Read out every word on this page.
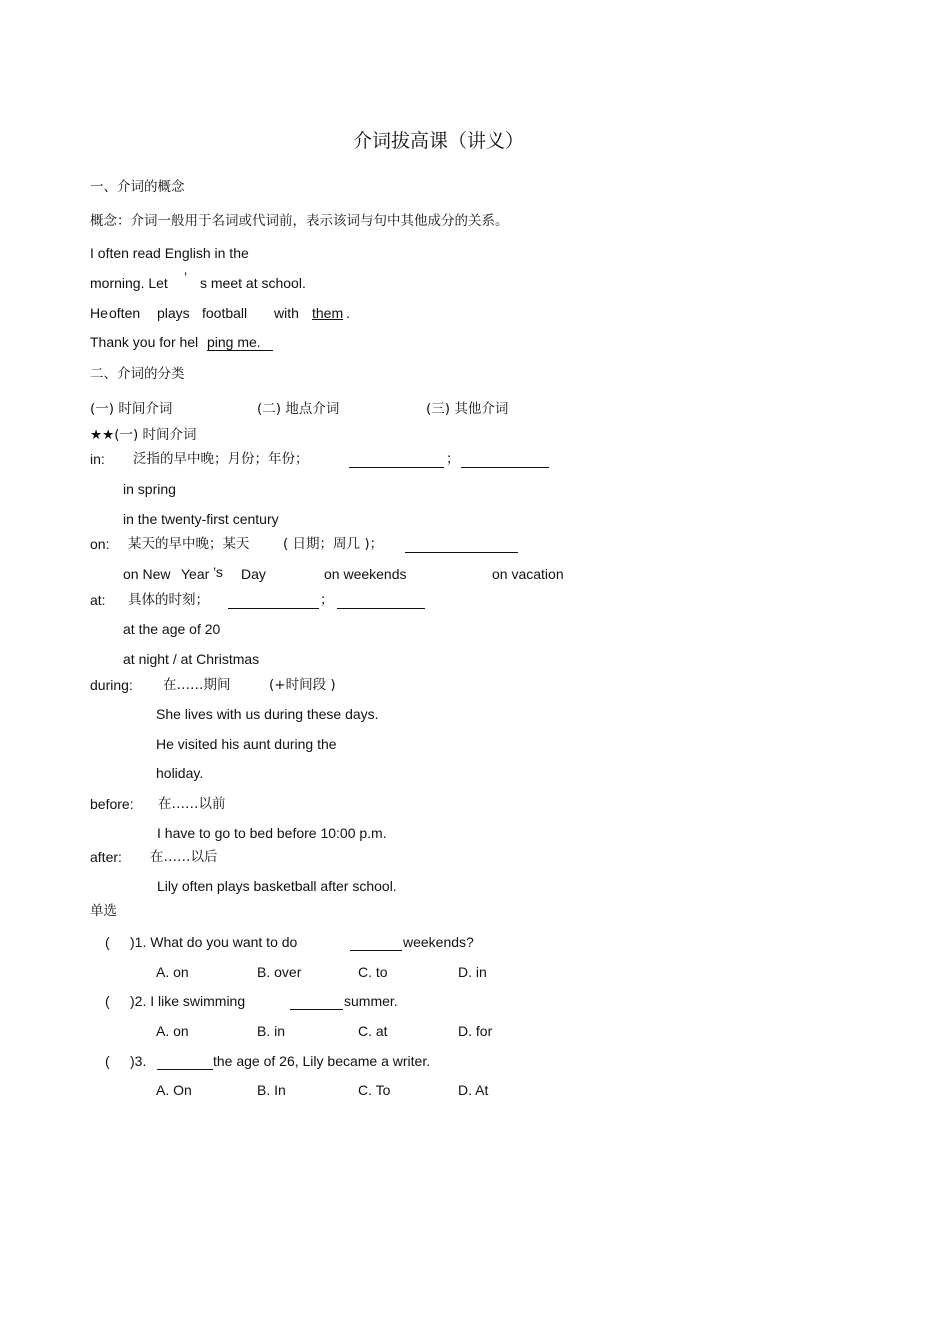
介词拔高课（讲义）
一、介词的概念
概念：介词一般用于名词或代词前，表示该词与句中其他成分的关系。
I often read English in the
morning. Let ’ s meet at school.
He often plays football with them .
Thank you for hel ping me.
二、介词的分类
(一) 时间介词	(二) 地点介词	(三) 其他介词
★★(一) 时间介词
in: 泛指的早中晚；月份；年份；	；
in spring
in the twenty-first century
on: 某天的早中晚；某天 ( 日期；周几 )；
on New Year ’s Day	on weekends	on vacation
at: 具体的时刻；	；
at the age of 20
at night / at Christmas
during: 在……期间	(+时间段 )
She lives with us during these days.
He visited his aunt during the
holiday.
before: 在……以前
I have to go to bed before 10:00 p.m.
after: 在……以后
Lily often plays basketball after school.
单选
( )1. What do you want to do	weekends?
A. on	B. over	C. to	D. in
( )2. I like swimming	summer.
A. on	B. in	C. at	D. for
( )3.	the age of 26, Lily became a writer.
A. On	B. In	C. To	D. At
